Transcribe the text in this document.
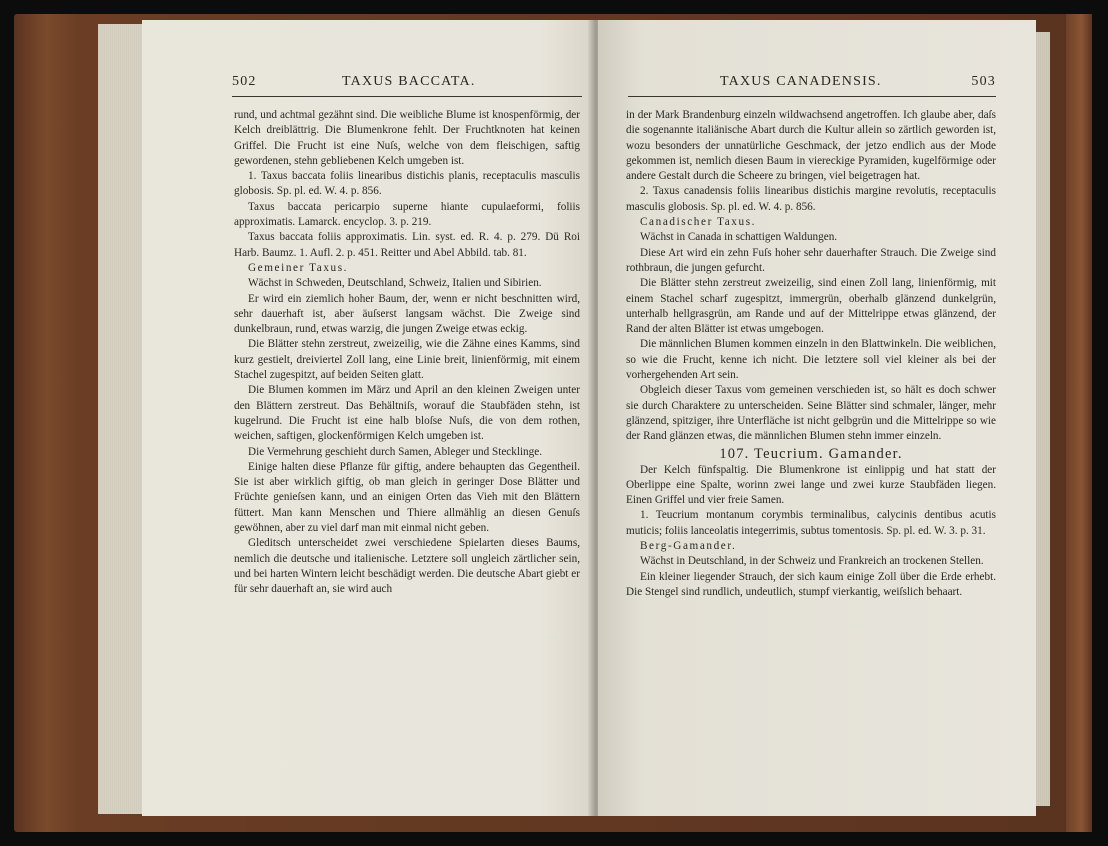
502	TAXUS BACCATA.

rund, und achtmal gezähnt sind. Die weibliche Blume ist knospenförmig, der Kelch dreiblättrig. Die Blumenkrone fehlt. Der Fruchtknoten hat keinen Griffel. Die Frucht ist eine Nuſs, welche von dem fleischigen, saftig gewordenen, stehn gebliebenen Kelch umgeben ist.

1. Taxus baccata foliis linearibus distichis planis, receptaculis masculis globosis. Sp. pl. ed. W. 4. p. 856.

Taxus baccata pericarpio superne hiante cupulaeformi, foliis approximatis. Lamarck. encyclop. 3. p. 219.

Taxus baccata foliis approximatis. Lin. syst. ed. R. 4. p. 279. Dü Roi Harb. Baumz. 1. Aufl. 2. p. 451. Reitter und Abel Abbild. tab. 81.

Gemeiner Taxus.

Wächst in Schweden, Deutschland, Schweiz, Italien und Sibirien.

Er wird ein ziemlich hoher Baum, der, wenn er nicht beschnitten wird, sehr dauerhaft ist, aber äuſserst langsam wächst. Die Zweige sind dunkelbraun, rund, etwas warzig, die jungen Zweige etwas eckig.

Die Blätter stehn zerstreut, zweizeilig, wie die Zähne eines Kamms, sind kurz gestielt, dreiviertel Zoll lang, eine Linie breit, linienförmig, mit einem Stachel zugespitzt, auf beiden Seiten glatt.

Die Blumen kommen im März und April an den kleinen Zweigen unter den Blättern zerstreut. Das Behältniſs, worauf die Staubfäden stehn, ist kugelrund. Die Frucht ist eine halb bloſse Nuſs, die von dem rothen, weichen, saftigen, glockenförmigen Kelch umgeben ist.

Die Vermehrung geschieht durch Samen, Ableger und Stecklinge.

Einige halten diese Pflanze für giftig, andere behaupten das Gegentheil. Sie ist aber wirklich giftig, ob man gleich in geringer Dose Blätter und Früchte genieſsen kann, und an einigen Orten das Vieh mit den Blättern füttert. Man kann Menschen und Thiere allmählig an diesen Genuſs gewöhnen, aber zu viel darf man mit einmal nicht geben.

Gleditsch unterscheidet zwei verschiedene Spielarten dieses Baums, nemlich die deutsche und italienische. Letztere soll ungleich zärtlicher sein, und bei harten Wintern leicht beschädigt werden. Die deutsche Abart giebt er für sehr dauerhaft an, sie wird auch

TAXUS CANADENSIS.	503

in der Mark Brandenburg einzeln wildwachsend angetroffen. Ich glaube aber, daſs die sogenannte italiänische Abart durch die Kultur allein so zärtlich geworden ist, wozu besonders der unnatürliche Geschmack, der jetzo endlich aus der Mode gekommen ist, nemlich diesen Baum in viereckige Pyramiden, kugelförmige oder andere Gestalt durch die Scheere zu bringen, viel beigetragen hat.

2. Taxus canadensis foliis linearibus distichis margine revolutis, receptaculis masculis globosis. Sp. pl. ed. W. 4. p. 856.

Canadischer Taxus.

Wächst in Canada in schattigen Waldungen.

Diese Art wird ein zehn Fuſs hoher sehr dauerhafter Strauch. Die Zweige sind rothbraun, die jungen gefurcht.

Die Blätter stehn zerstreut zweizeilig, sind einen Zoll lang, linienförmig, mit einem Stachel scharf zugespitzt, immergrün, oberhalb glänzend dunkelgrün, unterhalb hellgrasgrün, am Rande und auf der Mittelrippe etwas glänzend, der Rand der alten Blätter ist etwas umgebogen.

Die männlichen Blumen kommen einzeln in den Blattwinkeln. Die weiblichen, so wie die Frucht, kenne ich nicht. Die letztere soll viel kleiner als bei der vorhergehenden Art sein.

Obgleich dieser Taxus vom gemeinen verschieden ist, so hält es doch schwer sie durch Charaktere zu unterscheiden. Seine Blätter sind schmaler, länger, mehr glänzend, spitziger, ihre Unterfläche ist nicht gelbgrün und die Mittelrippe so wie der Rand glänzen etwas, die männlichen Blumen stehn immer einzeln.

107. Teucrium. Gamander.

Der Kelch fünfspaltig. Die Blumenkrone ist einlippig und hat statt der Oberlippe eine Spalte, worinn zwei lange und zwei kurze Staubfäden liegen. Einen Griffel und vier freie Samen.

1. Teucrium montanum corymbis terminalibus, calycinis dentibus acutis muticis; foliis lanceolatis integerrimis, subtus tomentosis. Sp. pl. ed. W. 3. p. 31.

Berg-Gamander.

Wächst in Deutschland, in der Schweiz und Frankreich an trockenen Stellen.

Ein kleiner liegender Strauch, der sich kaum einige Zoll über die Erde erhebt. Die Stengel sind rundlich, undeutlich, stumpf vierkantig, weiſslich behaart.
